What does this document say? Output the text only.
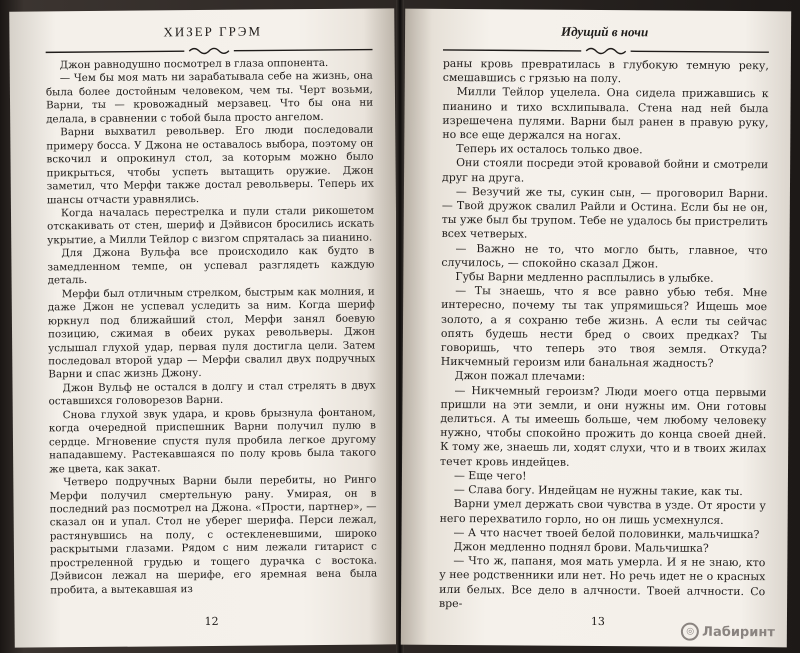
ХИЗЕР ГРЭМ

Джон равнодушно посмотрел в глаза оппонента.

— Чем бы моя мать ни зарабатывала себе на жизнь, она была более достойным человеком, чем ты. Черт возьми, Варни, ты — кровожадный мерзавец. Что бы она ни делала, в сравнении с тобой была просто ангелом.

Варни выхватил револьвер. Его люди последовали примеру босса. У Джона не оставалось выбора, поэтому он вскочил и опрокинул стол, за которым можно было прикрыться, чтобы успеть вытащить оружие. Джон заметил, что Мерфи также достал револьверы. Теперь их шансы отчасти уравнялись.

Когда началась перестрелка и пули стали рикошетом отскакивать от стен, шериф и Дэйвисон бросились искать укрытие, а Милли Тейлор с визгом спряталась за пианино.

Для Джона Вульфа все происходило как будто в замедленном темпе, он успевал разглядеть каждую деталь.

Мерфи был отличным стрелком, быстрым как молния, и даже Джон не успевал уследить за ним. Когда шериф юркнул под ближайший стол, Мерфи занял боевую позицию, сжимая в обеих руках револьверы. Джон услышал глухой удар, первая пуля достигла цели. Затем последовал второй удар — Мерфи свалил двух подручных Варни и спас жизнь Джону.

Джон Вульф не остался в долгу и стал стрелять в двух оставшихся головорезов Варни.

Снова глухой звук удара, и кровь брызнула фонтаном, когда очередной приспешник Варни получил пулю в сердце. Мгновение спустя пуля пробила легкое другому нападавшему. Растекавшаяся по полу кровь была такого же цвета, как закат.

Четверо подручных Варни были перебиты, но Ринго Мерфи получил смертельную рану. Умирая, он в последний раз посмотрел на Джона. «Прости, партнер», — сказал он и упал. Стол не уберег шерифа. Перси лежал, растянувшись на полу, с остекленевшими, широко раскрытыми глазами. Рядом с ним лежали гитарист с простреленной грудью и тощего дурачка с востока. Дэйвисон лежал на шерифе, его яремная вена была пробита, а вытекавшая из

12
Идущий в ночи

раны кровь превратилась в глубокую темную реку, смешавшись с грязью на полу.

Милли Тейлор уцелела. Она сидела прижавшись к пианино и тихо всхлипывала. Стена над ней была изрешечена пулями. Варни был ранен в правую руку, но все еще держался на ногах.

Теперь их осталось только двое.

Они стояли посреди этой кровавой бойни и смотрели друг на друга.

— Везучий же ты, сукин сын, — проговорил Варни. — Твой дружок свалил Райли и Остина. Если бы не он, ты уже был бы трупом. Тебе не удалось бы пристрелить всех четверых.

— Важно не то, что могло быть, главное, что случилось, — спокойно сказал Джон.

Губы Варни медленно расплылись в улыбке.

— Ты знаешь, что я все равно убью тебя. Мне интересно, почему ты так упрямишься? Ищешь мое золото, а я сохраню тебе жизнь. А если ты сейчас опять будешь нести бред о своих предках? Ты говоришь, что теперь это твоя земля. Откуда? Никчемный героизм или банальная жадность?

Джон пожал плечами:

— Никчемный героизм? Люди моего отца первыми пришли на эти земли, и они нужны им. Они готовы делиться. А ты имеешь больше, чем любому человеку нужно, чтобы спокойно прожить до конца своей дней. К тому же, знаешь ли, ходят слухи, что и в твоих жилах течет кровь индейцев.

— Еще чего!

— Слава богу. Индейцам не нужны такие, как ты.

Варни умел держать свои чувства в узде. От ярости у него перехватило горло, но он лишь усмехнулся.

— А что насчет твоей белой половинки, мальчишка?

Джон медленно поднял брови. Мальчишка?

— Что ж, папаня, моя мать умерла. И я не знаю, кто у нее родственники или нет. Но речь идет не о красных или белых. Все дело в алчности. Твоей алчности. Со вре-

13
◎ Лабиринт
